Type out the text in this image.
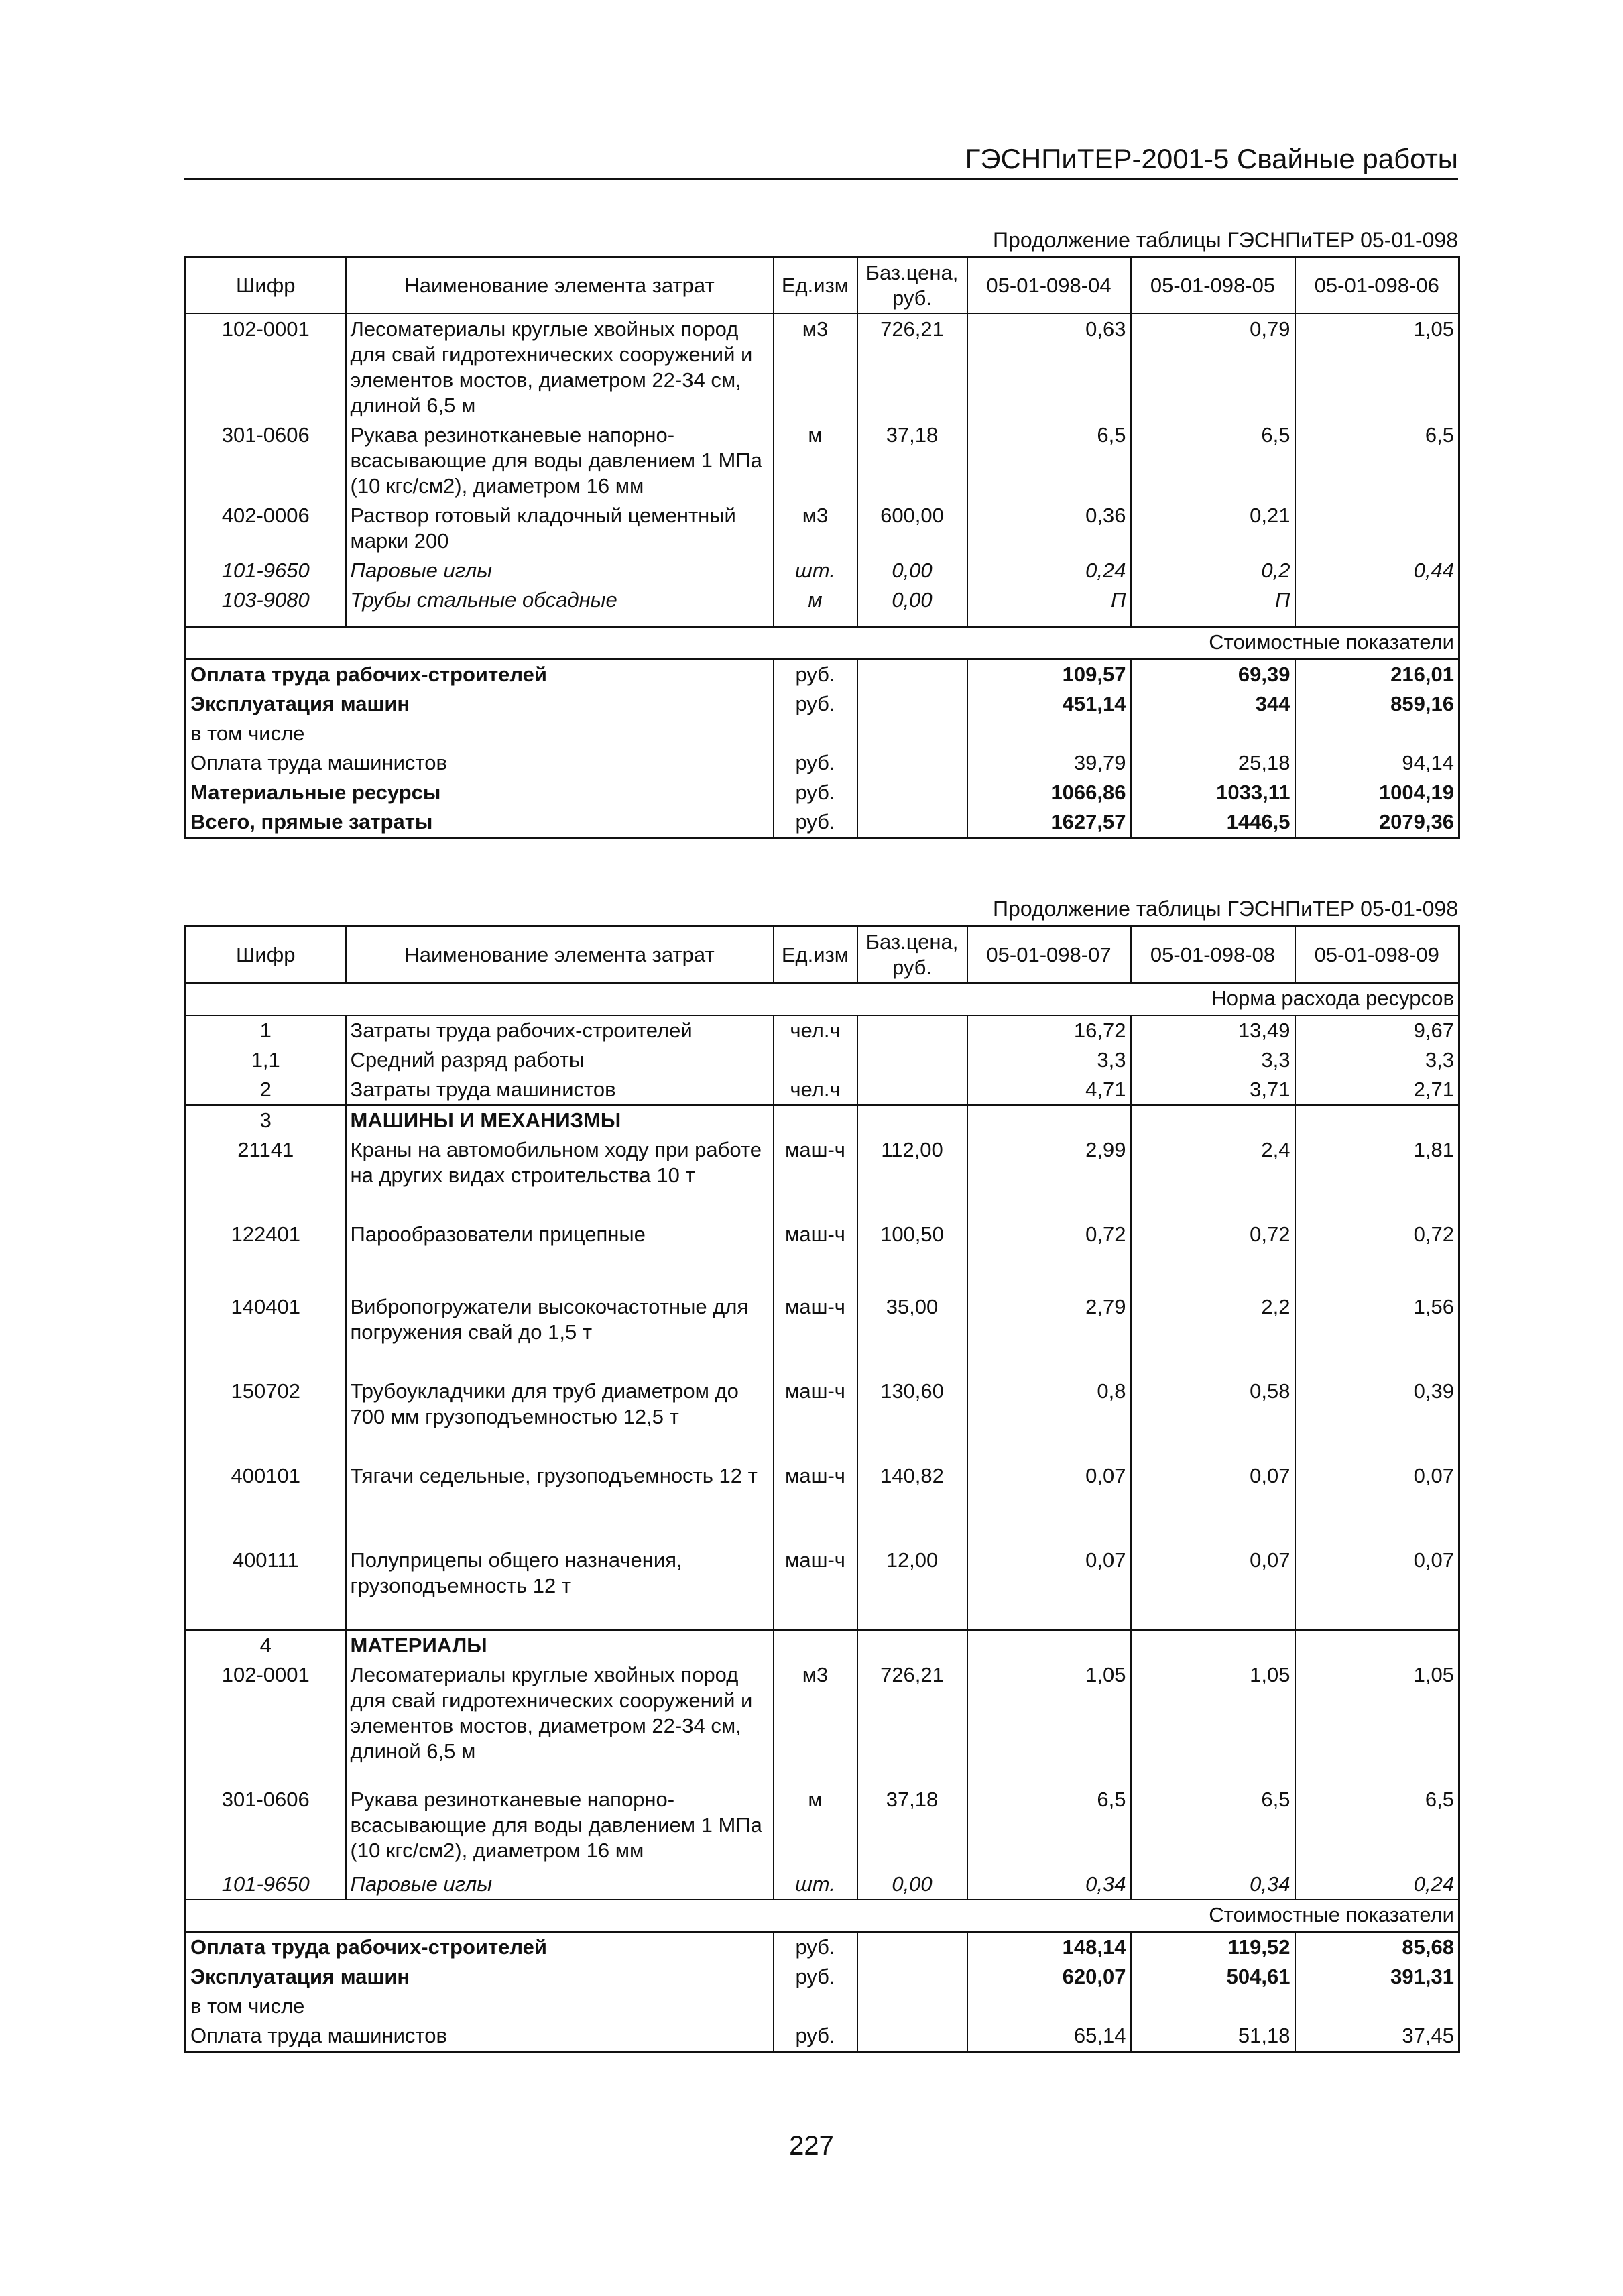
ГЭСНПиТЕР-2001-5 Свайные работы
Продолжение таблицы ГЭСНПиТЕР 05-01-098
Шифр	Наименование элемента затрат	Ед.изм	Баз.цена, руб.	05-01-098-04	05-01-098-05	05-01-098-06
102-0001	Лесоматериалы круглые хвойных пород для свай гидротехнических сооружений и элементов мостов, диаметром 22-34 см, длиной 6,5 м	м3	726,21	0,63	0,79	1,05
301-0606	Рукава резинотканевые напорно-всасывающие для воды давлением 1 МПа (10 кгс/см2), диаметром 16 мм	м	37,18	6,5	6,5	6,5
402-0006	Раствор готовый кладочный цементный марки 200	м3	600,00	0,36	0,21	
101-9650	Паровые иглы	шт.	0,00	0,24	0,2	0,44
103-9080	Трубы стальные обсадные	м	0,00	П	П	

Стоимостные показатели						
Оплата труда рабочих-строителей		руб.		109,57	69,39	216,01
Эксплуатация машин		руб.		451,14	344	859,16
в том числе						
Оплата труда машинистов		руб.		39,79	25,18	94,14
Материальные ресурсы		руб.		1066,86	1033,11	1004,19
Всего, прямые затраты		руб.		1627,57	1446,5	2079,36
Продолжение таблицы ГЭСНПиТЕР 05-01-098
Шифр	Наименование элемента затрат	Ед.изм	Баз.цена, руб.	05-01-098-07	05-01-098-08	05-01-098-09
Норма расхода ресурсов						
1	Затраты труда рабочих-строителей	чел.ч		16,72	13,49	9,67
1,1	Средний разряд работы			3,3	3,3	3,3
2	Затраты труда машинистов	чел.ч		4,71	3,71	2,71
3	МАШИНЫ И МЕХАНИЗМЫ					
21141	Краны на автомобильном ходу при работе на других видах строительства 10 т	маш-ч	112,00	2,99	2,4	1,81
122401	Парообразователи прицепные	маш-ч	100,50	0,72	0,72	0,72
140401	Вибропогружатели высокочастотные для погружения свай до 1,5 т	маш-ч	35,00	2,79	2,2	1,56
150702	Трубоукладчики для труб диаметром до 700 мм грузоподъемностью 12,5 т	маш-ч	130,60	0,8	0,58	0,39
400101	Тягачи седельные, грузоподъемность 12 т	маш-ч	140,82	0,07	0,07	0,07
400111	Полуприцепы общего назначения, грузоподъемность 12 т	маш-ч	12,00	0,07	0,07	0,07
4	МАТЕРИАЛЫ					
102-0001	Лесоматериалы круглые хвойных пород для свай гидротехнических сооружений и элементов мостов, диаметром 22-34 см, длиной 6,5 м	м3	726,21	1,05	1,05	1,05
301-0606	Рукава резинотканевые напорно-всасывающие для воды давлением 1 МПа (10 кгс/см2), диаметром 16 мм	м	37,18	6,5	6,5	6,5
101-9650	Паровые иглы	шт.	0,00	0,34	0,34	0,24
Стоимостные показатели						
Оплата труда рабочих-строителей		руб.		148,14	119,52	85,68
Эксплуатация машин		руб.		620,07	504,61	391,31
в том числе						
Оплата труда машинистов		руб.		65,14	51,18	37,45
227
